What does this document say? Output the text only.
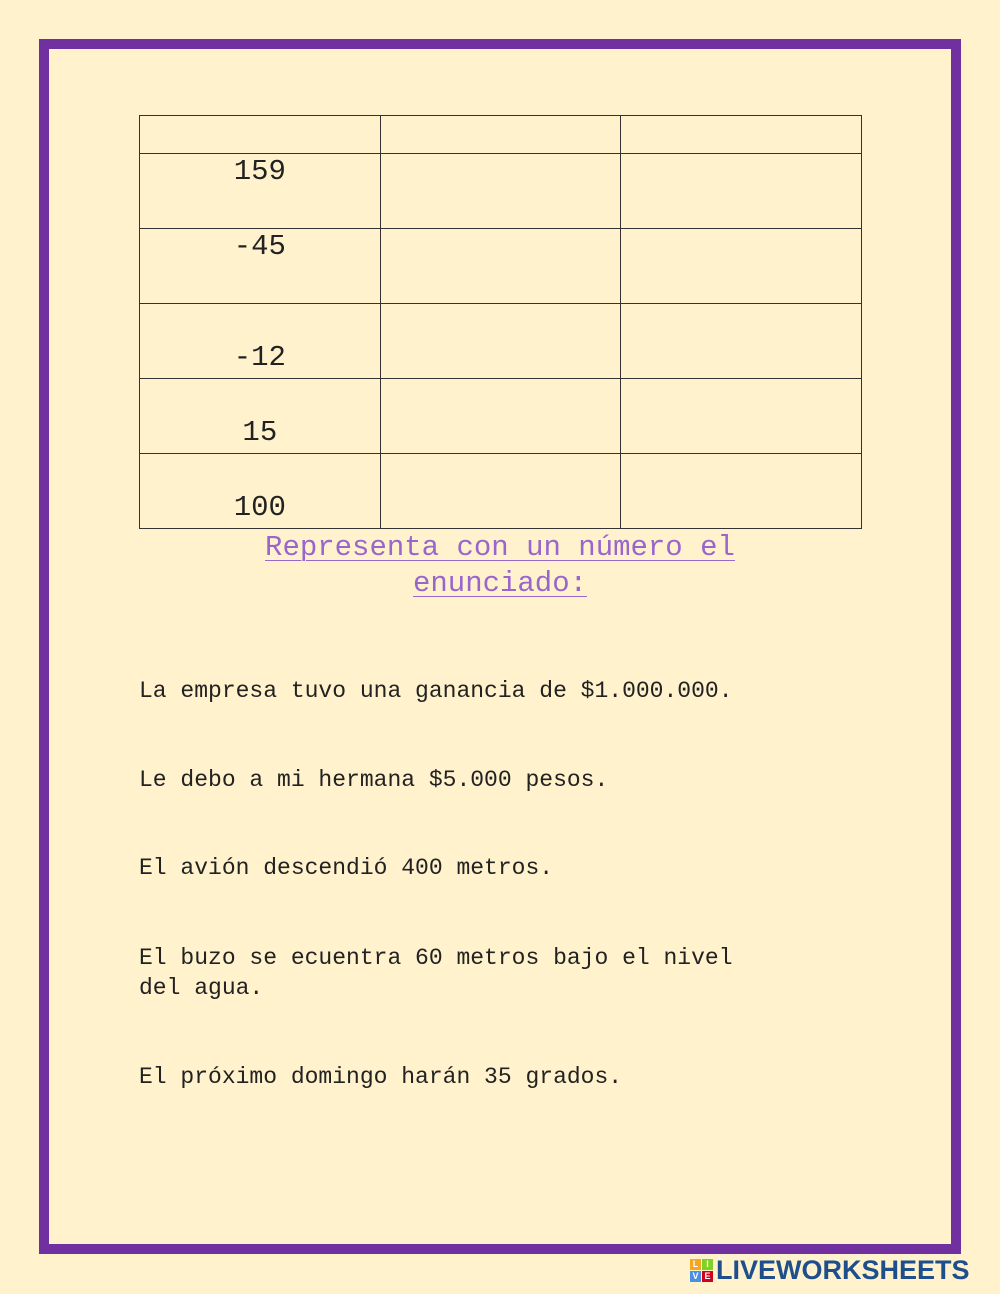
159		

-45		

-12		

15		

100		

Representa con un número el
enunciado:
La empresa tuvo una ganancia de $1.000.000.
Le debo a mi hermana $5.000 pesos.
El avión descendió 400 metros.
El buzo se ecuentra 60 metros bajo el nivel
del agua.
El próximo domingo harán 35 grados.
L I
V E LIVEWORKSHEETS
